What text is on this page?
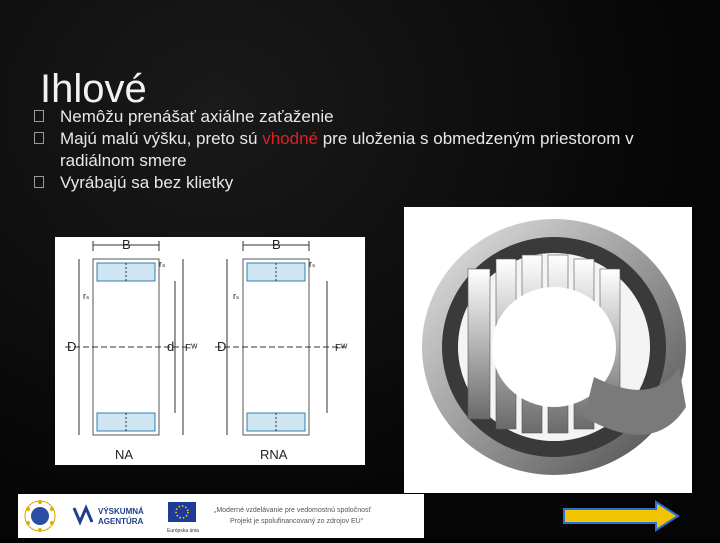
Ihlové

Nemôžu prenášať axiálne zaťaženie

Majú malú výšku, preto sú vhodné pre uloženia s obmedzeným priestorom v radiálnom smere

Vyrábajú sa bez klietky

B
rₛ
rₛ
D	d Fᵂ
NA
B
rₛ
rₛ
D	Fᵂ
RNA
VÝSKUMNÁ
AGENTÚRA
Európska únia
„Moderné vzdelávanie pre vedomostnú spoločnosť
Projekt je spolufinancovaný zo zdrojov EÚ“
